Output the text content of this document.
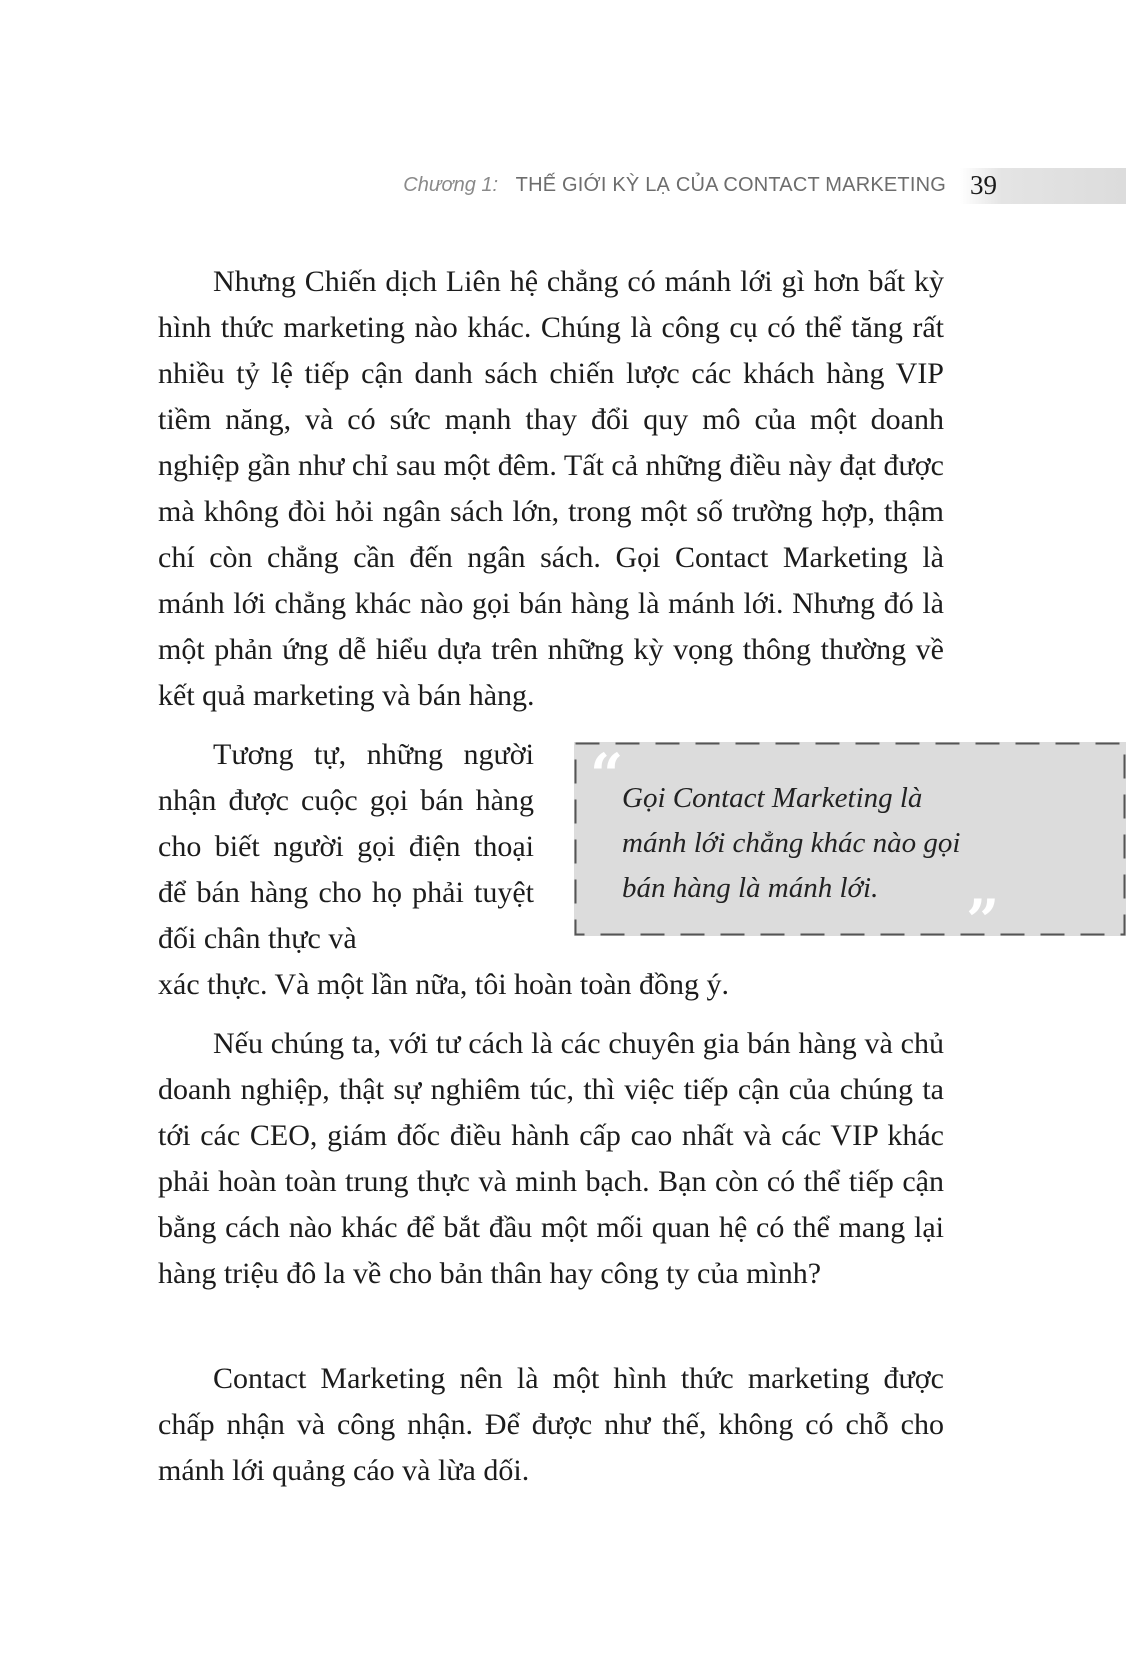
Chương 1: THẾ GIỚI KỲ LẠ CỦA CONTACT MARKETING 39

Nhưng Chiến dịch Liên hệ chẳng có mánh lới gì hơn bất kỳ hình thức marketing nào khác. Chúng là công cụ có thể tăng rất nhiều tỷ lệ tiếp cận danh sách chiến lược các khách hàng VIP tiềm năng, và có sức mạnh thay đổi quy mô của một doanh nghiệp gần như chỉ sau một đêm. Tất cả những điều này đạt được mà không đòi hỏi ngân sách lớn, trong một số trường hợp, thậm chí còn chẳng cần đến ngân sách. Gọi Contact Marketing là mánh lới chẳng khác nào gọi bán hàng là mánh lới. Nhưng đó là một phản ứng dễ hiểu dựa trên những kỳ vọng thông thường về kết quả marketing và bán hàng.

Tương tự, những người nhận được cuộc gọi bán hàng cho biết người gọi điện thoại để bán hàng cho họ phải tuyệt đối chân thực và

xác thực. Và một lần nữa, tôi hoàn toàn đồng ý.

“
Gọi Contact Marketing là mánh lới chẳng khác nào gọi bán hàng là mánh lới.	”

Nếu chúng ta, với tư cách là các chuyên gia bán hàng và chủ doanh nghiệp, thật sự nghiêm túc, thì việc tiếp cận của chúng ta tới các CEO, giám đốc điều hành cấp cao nhất và các VIP khác phải hoàn toàn trung thực và minh bạch. Bạn còn có thể tiếp cận bằng cách nào khác để bắt đầu một mối quan hệ có thể mang lại hàng triệu đô la về cho bản thân hay công ty của mình?

Contact Marketing nên là một hình thức marketing được chấp nhận và công nhận. Để được như thế, không có chỗ cho mánh lới quảng cáo và lừa dối.
